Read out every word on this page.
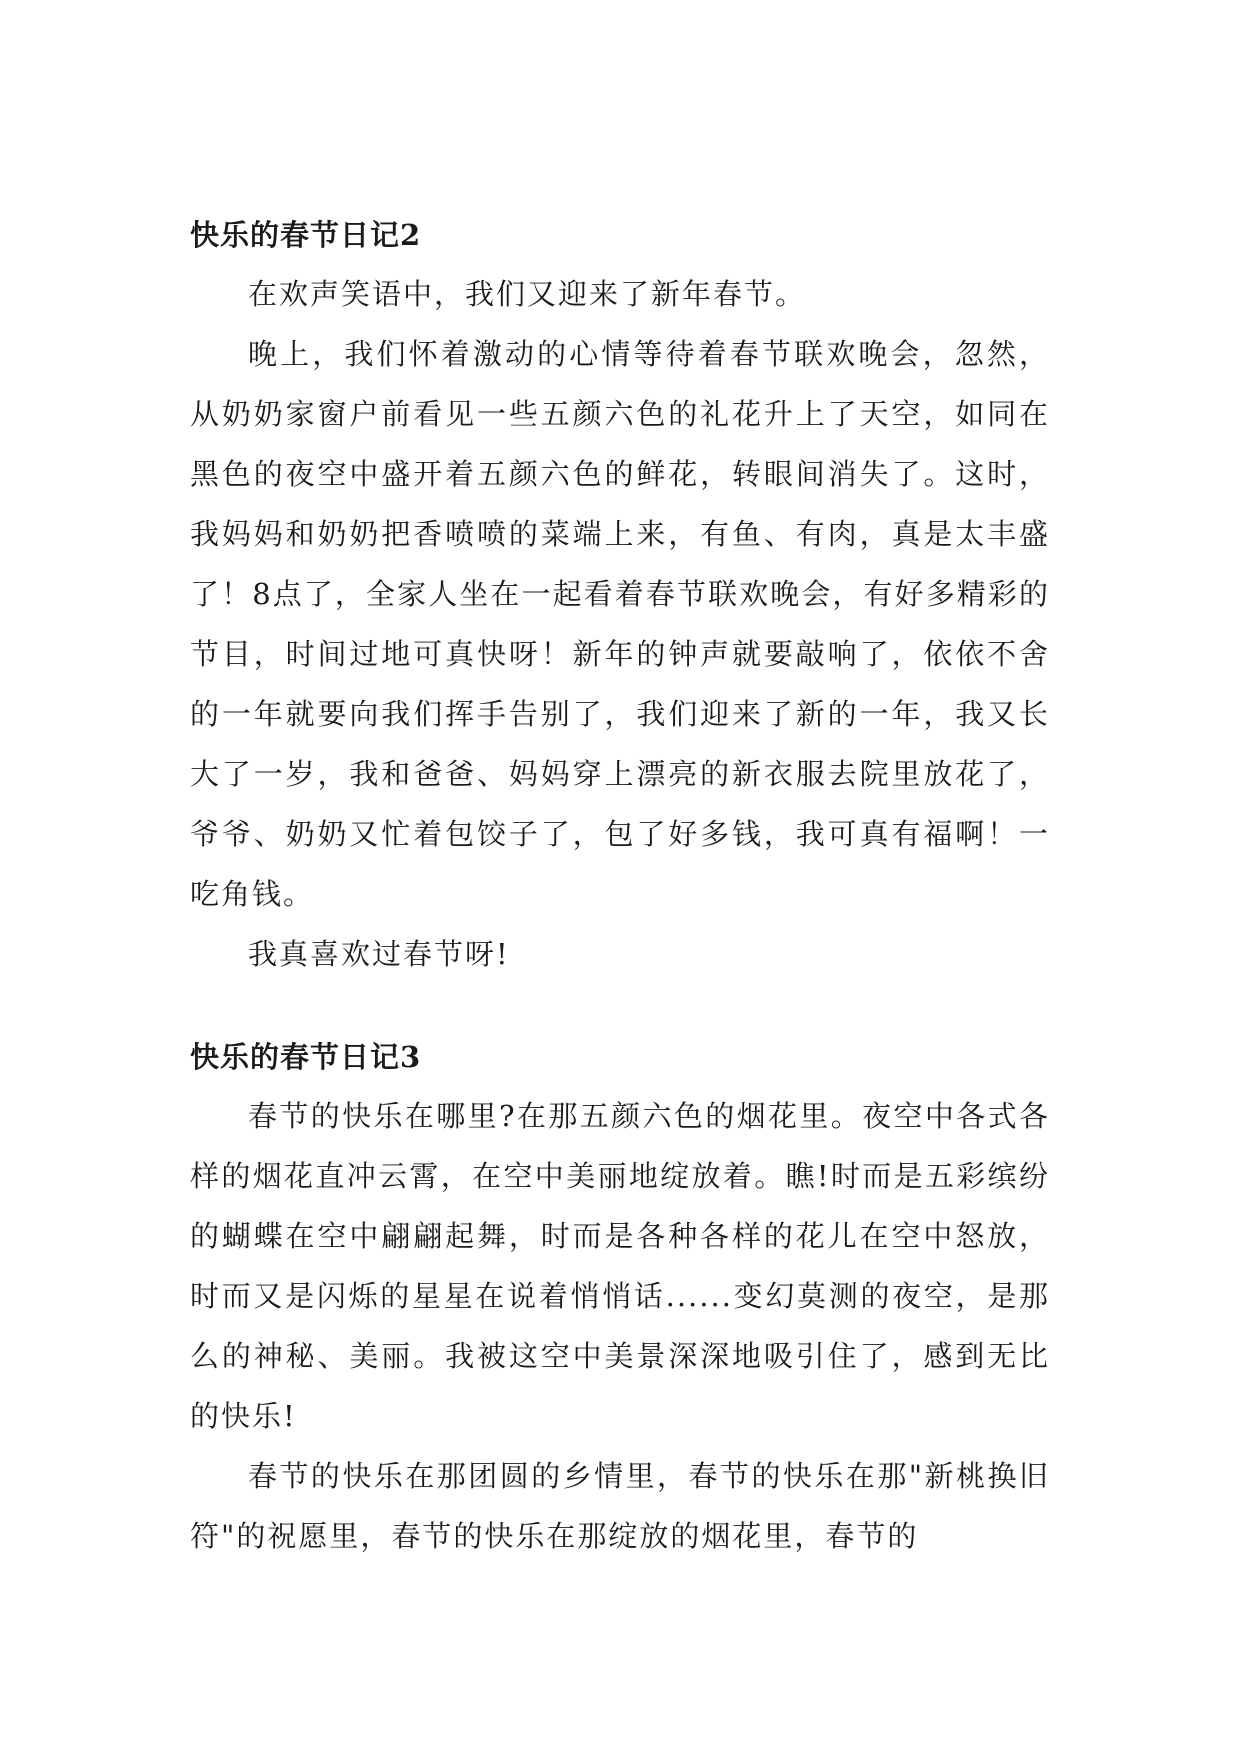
快乐的春节日记2

在欢声笑语中，我们又迎来了新年春节。

晚上，我们怀着激动的心情等待着春节联欢晚会，忽然，从奶奶家窗户前看见一些五颜六色的礼花升上了天空，如同在黑色的夜空中盛开着五颜六色的鲜花，转眼间消失了。这时，我妈妈和奶奶把香喷喷的菜端上来，有鱼、有肉，真是太丰盛了！8点了，全家人坐在一起看着春节联欢晚会，有好多精彩的节目，时间过地可真快呀！新年的钟声就要敲响了，依依不舍的一年就要向我们挥手告别了，我们迎来了新的一年，我又长大了一岁，我和爸爸、妈妈穿上漂亮的新衣服去院里放花了，爷爷、奶奶又忙着包饺子了，包了好多钱，我可真有福啊！一吃角钱。

我真喜欢过春节呀!

快乐的春节日记3

春节的快乐在哪里?在那五颜六色的烟花里。夜空中各式各样的烟花直冲云霄，在空中美丽地绽放着。瞧!时而是五彩缤纷的蝴蝶在空中翩翩起舞，时而是各种各样的花儿在空中怒放，时而又是闪烁的星星在说着悄悄话......变幻莫测的夜空，是那么的神秘、美丽。我被这空中美景深深地吸引住了，感到无比的快乐!

春节的快乐在那团圆的乡情里，春节的快乐在那"新桃换旧符"的祝愿里，春节的快乐在那绽放的烟花里，春节的
